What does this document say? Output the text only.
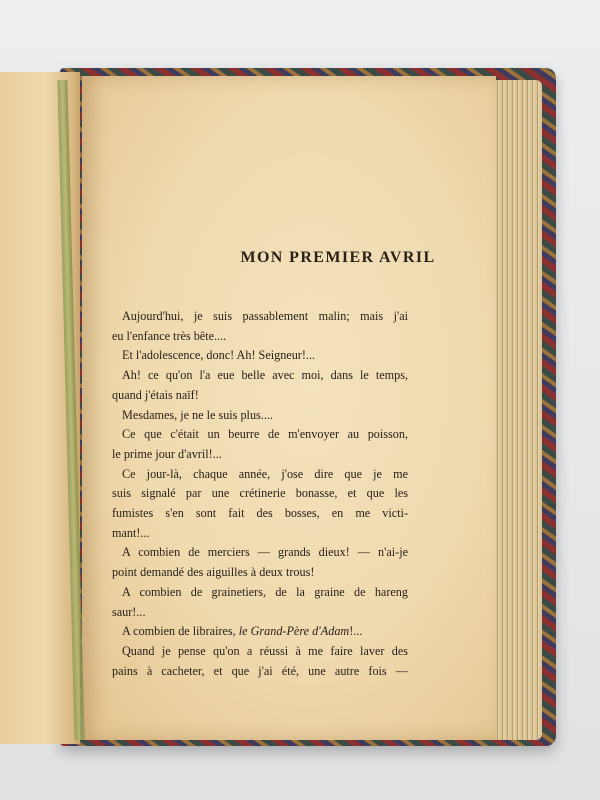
MON PREMIER AVRIL
Aujourd'hui, je suis passablement malin; mais j'ai
eu l'enfance très bête....
Et l'adolescence, donc! Ah! Seigneur!...
Ah! ce qu'on l'a eue belle avec moi, dans le temps,
quand j'étais naïf!
Mesdames, je ne le suis plus....
Ce que c'était un beurre de m'envoyer au poisson,
le prime jour d'avril!...
Ce jour-là, chaque année, j'ose dire que je me
suis signalé par une crétinerie bonasse, et que les
fumistes s'en sont fait des bosses, en me victi-
mant!...
A combien de merciers — grands dieux! — n'ai-je
point demandé des aiguilles à deux trous!
A combien de grainetiers, de la graine de hareng
saur!...
A combien de libraires, le Grand-Père d'Adam!...
Quand je pense qu'on a réussi à me faire laver des
pains à cacheter, et que j'ai été, une autre fois —
